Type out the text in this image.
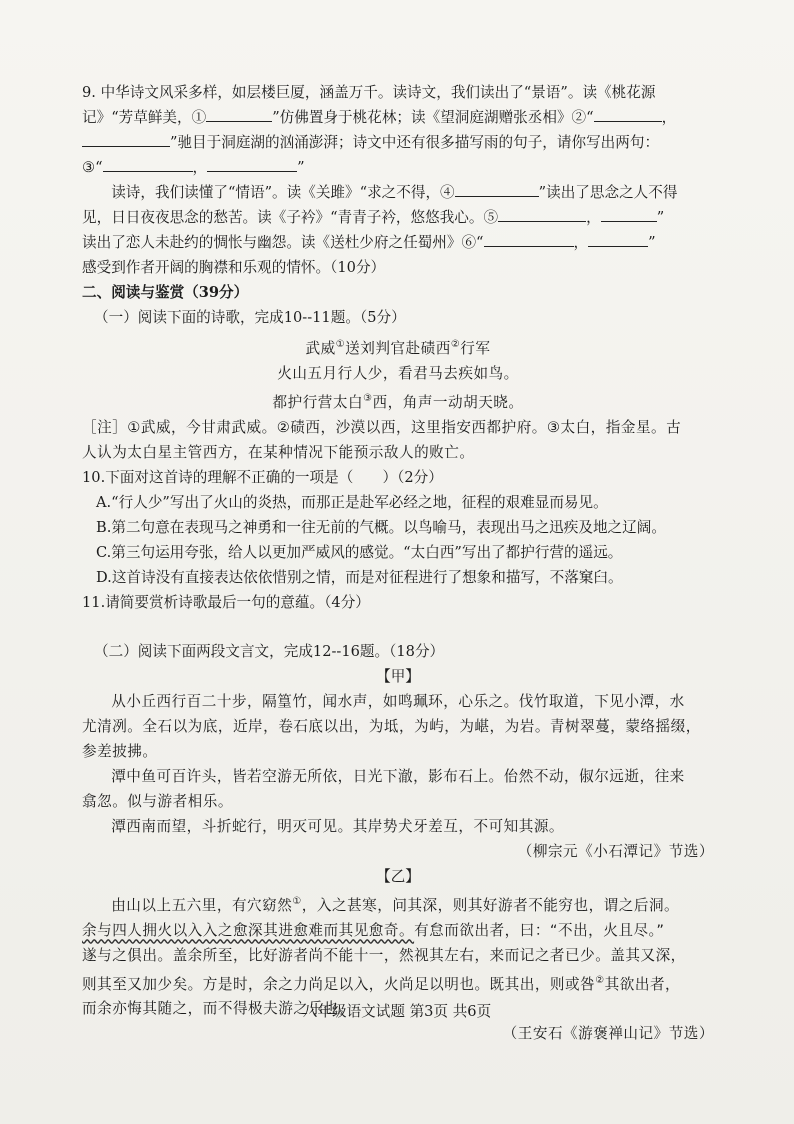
9. 中华诗文风采多样，如层楼巨厦，涵盖万千。读诗文，我们读出了“景语”。读《桃花源

记》“芳草鲜美，①	”仿佛置身于桃花林；读《望洞庭湖赠张丞相》②“	，

”驰目于洞庭湖的汹涌澎湃；诗文中还有很多描写雨的句子，请你写出两句：

③“	，	”

读诗，我们读懂了“情语”。读《关雎》“求之不得，④	”读出了思念之人不得

见，日日夜夜思念的愁苦。读《子衿》“青青子衿，悠悠我心。⑤	，	”

读出了恋人未赴约的惆怅与幽怨。读《送杜少府之任蜀州》⑥“	，	”

感受到作者开阔的胸襟和乐观的情怀。（10分）

二、阅读与鉴赏（39分）

（一）阅读下面的诗歌，完成10--11题。（5分）

武威①送刘判官赴碛西②行军

火山五月行人少，看君马去疾如鸟。

都护行营太白③西，角声一动胡天晓。

［注］①武威，今甘肃武威。②碛西，沙漠以西，这里指安西都护府。③太白，指金星。古

人认为太白星主管西方，在某种情况下能预示敌人的败亡。

10.下面对这首诗的理解不正确的一项是（　　）（2分）

A.“行人少”写出了火山的炎热，而那正是赴军必经之地，征程的艰难显而易见。

B.第二句意在表现马之神勇和一往无前的气概。以鸟喻马，表现出马之迅疾及地之辽阔。

C.第三句运用夸张，给人以更加严威风的感觉。“太白西”写出了都护行营的遥远。

D.这首诗没有直接表达依依惜别之情，而是对征程进行了想象和描写，不落窠臼。

11.请简要赏析诗歌最后一句的意蕴。（4分）

（二）阅读下面两段文言文，完成12--16题。（18分）

【甲】

从小丘西行百二十步，隔篁竹，闻水声，如鸣珮环，心乐之。伐竹取道，下见小潭，水

尤清冽。全石以为底，近岸，卷石底以出，为坻，为屿，为嵁，为岩。青树翠蔓，蒙络摇缀，

参差披拂。

潭中鱼可百许头，皆若空游无所依，日光下澈，影布石上。佁然不动，俶尔远逝，往来

翕忽。似与游者相乐。

潭西南而望，斗折蛇行，明灭可见。其岸势犬牙差互，不可知其源。

（柳宗元《小石潭记》节选）

【乙】

由山以上五六里，有穴窈然①，入之甚寒，问其深，则其好游者不能穷也，谓之后洞。

余与四人拥火以入入之愈深其进愈难而其见愈奇。有怠而欲出者，曰：“不出，火且尽。”

遂与之俱出。盖余所至，比好游者尚不能十一，然视其左右，来而记之者已少。盖其又深，

则其至又加少矣。方是时，余之力尚足以入，火尚足以明也。既其出，则或咎②其欲出者，

而余亦悔其随之，而不得极夫游之乐也。

（王安石《游褒禅山记》节选）

八年级语文试题 第3页 共6页
